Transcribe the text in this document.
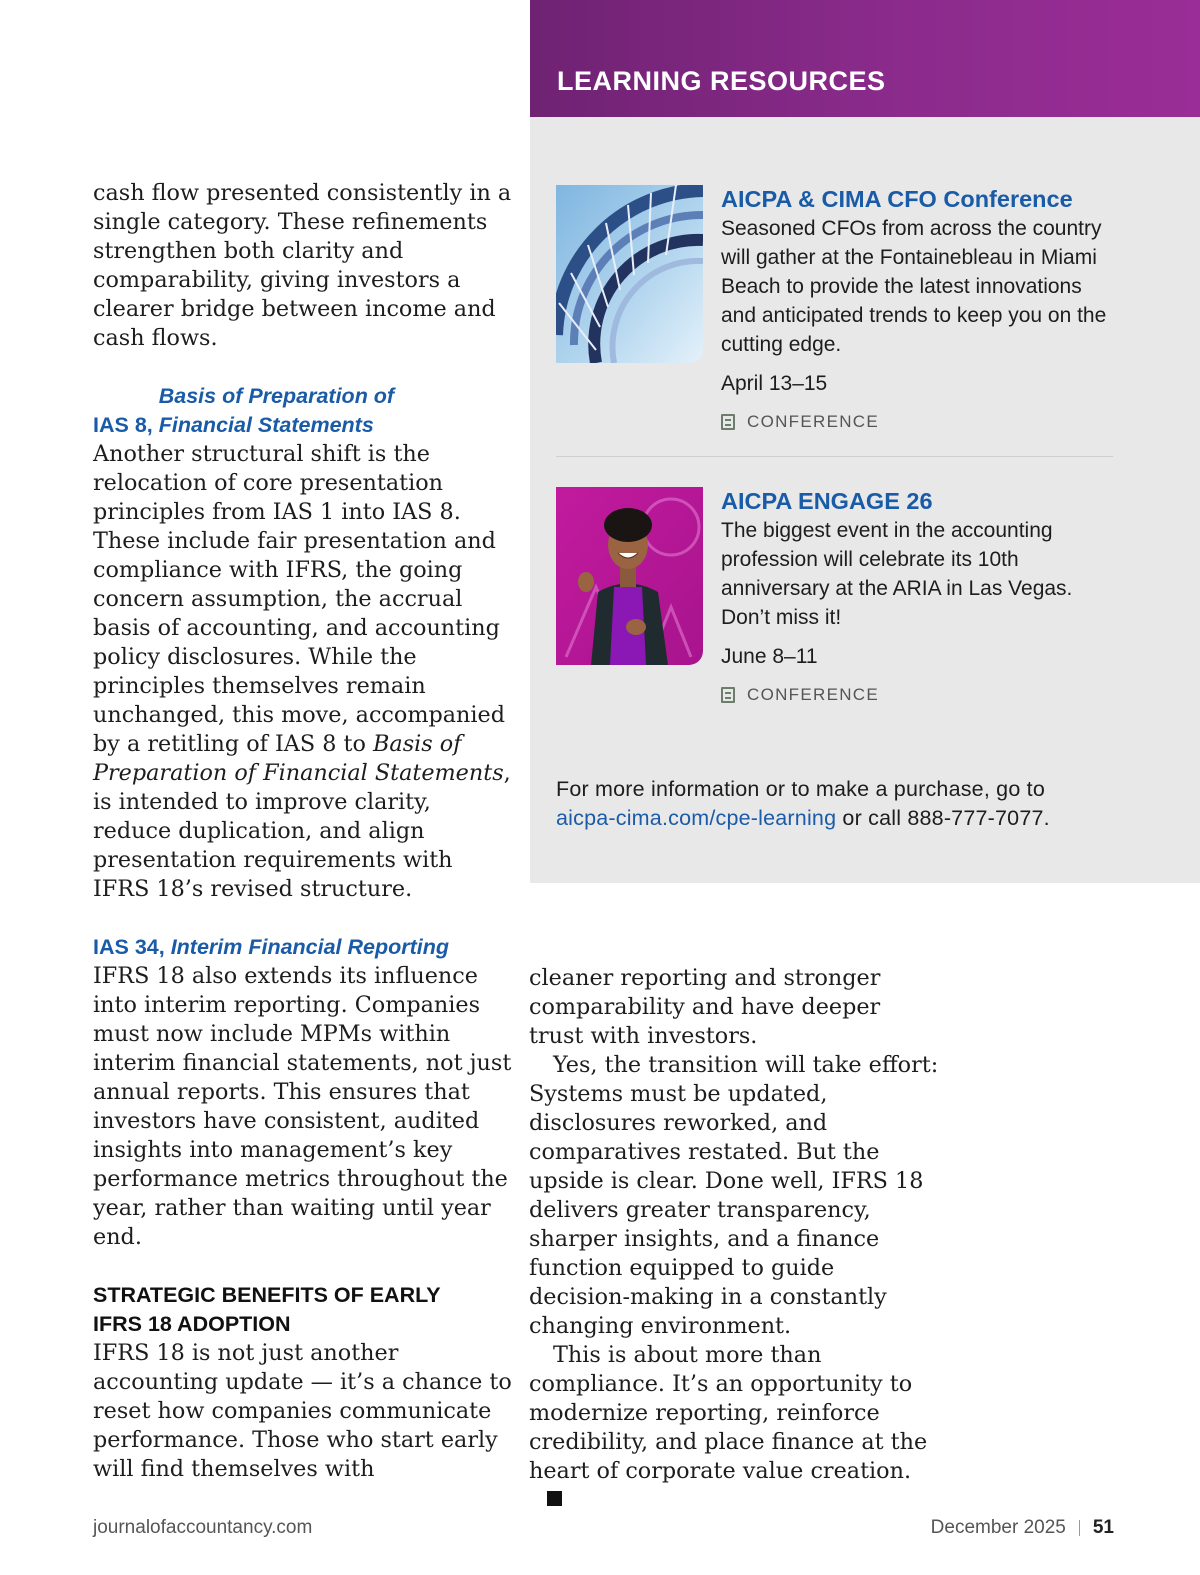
cash flow presented consistently in a single category. These refinements strengthen both clarity and comparability, giving investors a clearer bridge between income and cash flows.

IAS 8, Basis of Preparation of Financial Statements

Another structural shift is the relocation of core presentation principles from IAS 1 into IAS 8. These include fair presentation and compliance with IFRS, the going concern assumption, the accrual basis of accounting, and accounting policy disclosures. While the principles themselves remain unchanged, this move, accompanied by a retitling of IAS 8 to Basis of Preparation of Financial Statements, is intended to improve clarity, reduce duplication, and align presentation requirements with IFRS 18’s revised structure.

IAS 34, Interim Financial Reporting

IFRS 18 also extends its influence into interim reporting. Companies must now include MPMs within interim financial statements, not just annual reports. This ensures that investors have consistent, audited insights into management’s key performance metrics throughout the year, rather than waiting until year end.

STRATEGIC BENEFITS OF EARLY

IFRS 18 ADOPTION

IFRS 18 is not just another accounting update — it’s a chance to reset how companies communicate performance. Those who start early will find themselves with

cleaner reporting and stronger comparability and have deeper trust with investors.

Yes, the transition will take effort: Systems must be updated, disclosures reworked, and comparatives restated. But the upside is clear. Done well, IFRS 18 delivers greater transparency, sharper insights, and a finance function equipped to guide decision-making in a constantly changing environment.

This is about more than compliance. It’s an opportunity to modernize reporting, reinforce credibility, and place finance at the heart of corporate value creation.

LEARNING RESOURCES

AICPA & CIMA CFO Conference

Seasoned CFOs from across the country will gather at the Fontainebleau in Miami Beach to provide the latest innovations and anticipated trends to keep you on the cutting edge.

April 13–15

CONFERENCE

AICPA ENGAGE 26

The biggest event in the accounting profession will celebrate its 10th anniversary at the ARIA in Las Vegas. Don’t miss it!

June 8–11

CONFERENCE
For more information or to make a purchase, go to
aicpa-cima.com/cpe-learning or call 888-777-7077.
journalofaccountancy.com	December 2025 51
